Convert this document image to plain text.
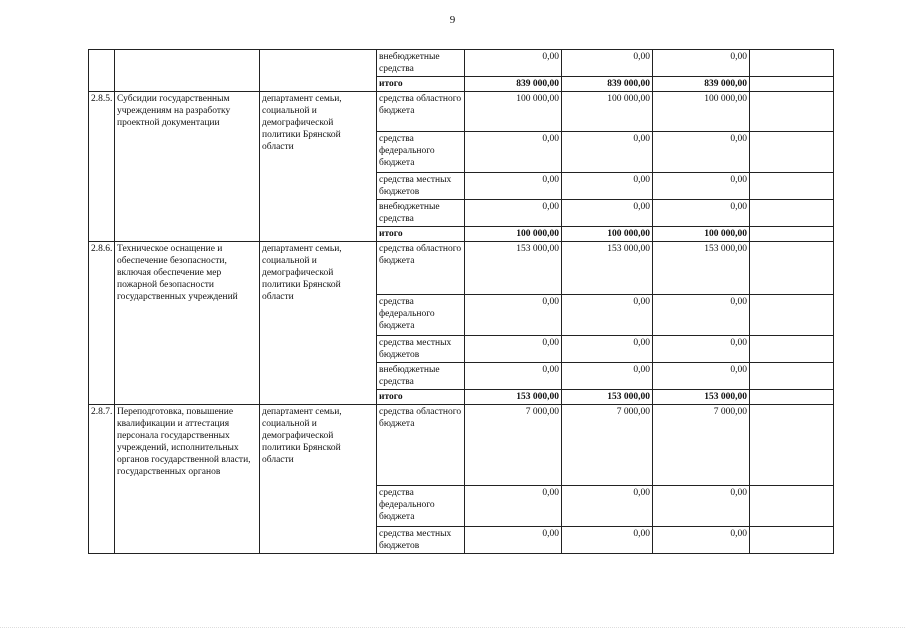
9
			внебюджетные средства	0,00	0,00	0,00	
			итого	839 000,00	839 000,00	839 000,00	
2.8.5.	Субсидии государственным учреждениям на разработку проектной документации	департамент семьи, социальной и демографической политики Брянской области	средства областного бюджета	100 000,00	100 000,00	100 000,00	
			средства федерального бюджета	0,00	0,00	0,00	
			средства местных бюджетов	0,00	0,00	0,00	
			внебюджетные средства	0,00	0,00	0,00	
			итого	100 000,00	100 000,00	100 000,00	
2.8.6.	Техническое оснащение и обеспечение безопасности, включая обеспечение мер пожарной безопасности государственных учреждений	департамент семьи, социальной и демографической политики Брянской области	средства областного бюджета	153 000,00	153 000,00	153 000,00	
			средства федерального бюджета	0,00	0,00	0,00	
			средства местных бюджетов	0,00	0,00	0,00	
			внебюджетные средства	0,00	0,00	0,00	
			итого	153 000,00	153 000,00	153 000,00	
2.8.7.	Переподготовка, повышение квалификации и аттестация персонала государственных учреждений, исполнительных органов государственной власти, государственных органов	департамент семьи, социальной и демографической политики Брянской области	средства областного бюджета	7 000,00	7 000,00	7 000,00	
			средства федерального бюджета	0,00	0,00	0,00	
			средства местных бюджетов	0,00	0,00	0,00	
